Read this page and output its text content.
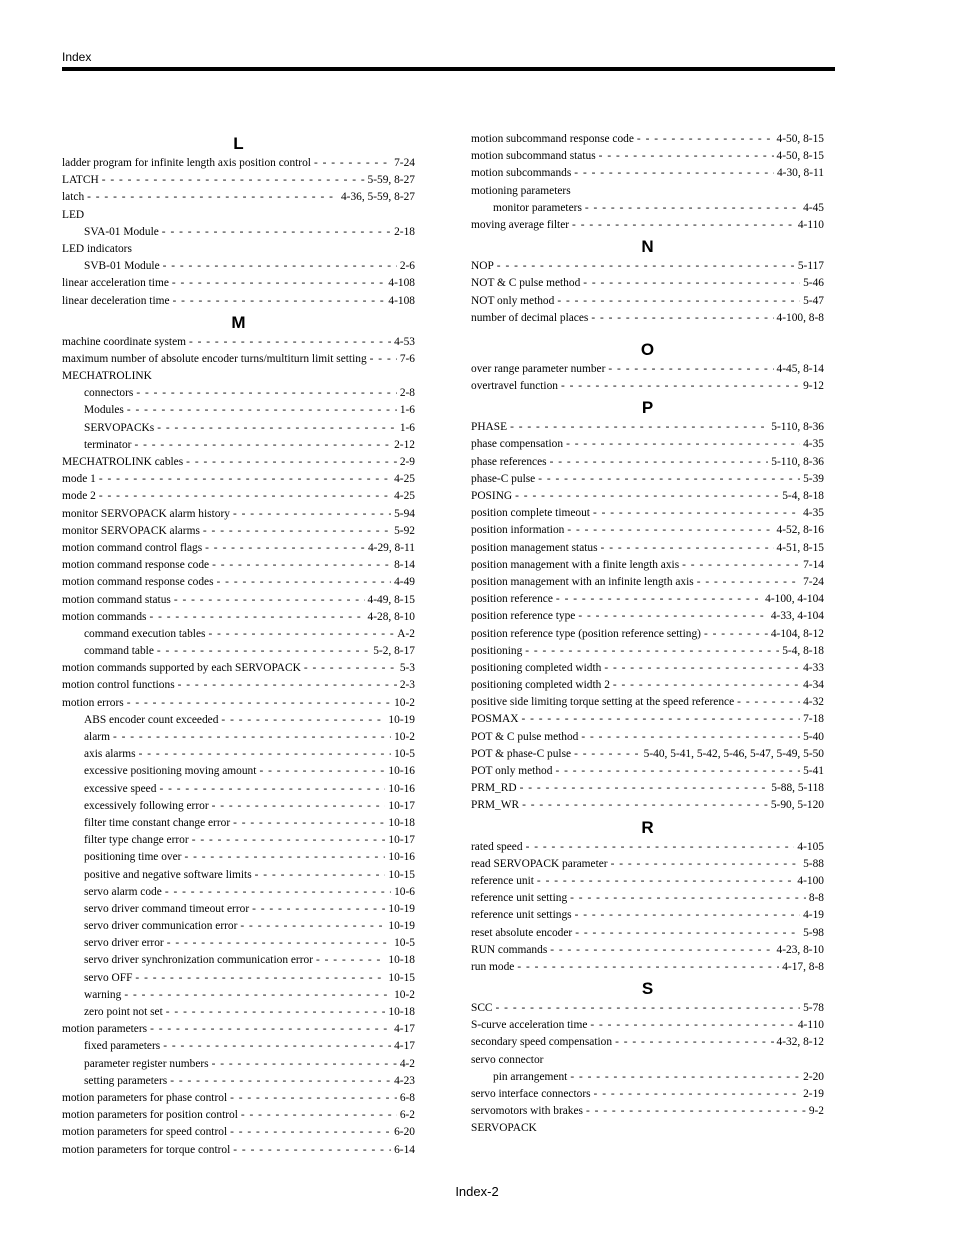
Index
L
ladder program for infinite length axis position control - - -	7-24
LATCH - - -	5-59, 8-27
latch - - -	4-36, 5-59, 8-27
LED
SVA-01 Module - - -	2-18
LED indicators
SVB-01 Module - - -	2-6
linear acceleration time - - -	4-108
linear deceleration time - - -	4-108
M
machine coordinate system - - -	4-53
maximum number of absolute encoder turns/multiturn limit setting - - -	7-6
MECHATROLINK
connectors - - -	2-8
Modules - - -	1-6
SERVOPACKs - - -	1-6
terminator - - -	2-12
MECHATROLINK cables - - -	2-9
mode 1 - - -	4-25
mode 2 - - -	4-25
monitor SERVOPACK alarm history - - -	5-94
monitor SERVOPACK alarms - - -	5-92
motion command control flags - - -	4-29, 8-11
motion command response code - - -	8-14
motion command response codes - - -	4-49
motion command status - - -	4-49, 8-15
motion commands - - -	4-28, 8-10
command execution tables - - -	A-2
command table - - -	5-2, 8-17
motion commands supported by each SERVOPACK - - -	5-3
motion control functions - - -	2-3
motion errors - - -	10-2
ABS encoder count exceeded - - -	10-19
alarm - - -	10-2
axis alarms - - -	10-5
excessive positioning moving amount - - -	10-16
excessive speed - - -	10-16
excessively following error - - -	10-17
filter time constant change error - - -	10-18
filter type change error - - -	10-17
positioning time over - - -	10-16
positive and negative software limits - - -	10-15
servo alarm code - - -	10-6
servo driver command timeout error - - -	10-19
servo driver communication error - - -	10-19
servo driver error - - -	10-5
servo driver synchronization communication error - - -	10-18
servo OFF - - -	10-15
warning - - -	10-2
zero point not set - - -	10-18
motion parameters - - -	4-17
fixed parameters - - -	4-17
parameter register numbers - - -	4-2
setting parameters - - -	4-23
motion parameters for phase control - - -	6-8
motion parameters for position control - - -	6-2
motion parameters for speed control - - -	6-20
motion parameters for torque control - - -	6-14
motion subcommand response code - - -	4-50, 8-15
motion subcommand status - - -	4-50, 8-15
motion subcommands - - -	4-30, 8-11
motioning parameters
monitor parameters - - -	4-45
moving average filter - - -	4-110
N
NOP - - -	5-117
NOT & C pulse method - - -	5-46
NOT only method - - -	5-47
number of decimal places - - -	4-100, 8-8
O
over range parameter number - - -	4-45, 8-14
overtravel function - - -	9-12
P
PHASE - - -	5-110, 8-36
phase compensation - - -	4-35
phase references - - -	5-110, 8-36
phase-C pulse - - -	5-39
POSING - - -	5-4, 8-18
position complete timeout - - -	4-35
position information - - -	4-52, 8-16
position management status - - -	4-51, 8-15
position management with a finite length axis - - -	7-14
position management with an infinite length axis - - -	7-24
position reference - - -	4-100, 4-104
position reference type - - -	4-33, 4-104
position reference type (position reference setting) - - -	4-104, 8-12
positioning - - -	5-4, 8-18
positioning completed width - - -	4-33
positioning completed width 2 - - -	4-34
positive side limiting torque setting at the speed reference - - -	4-32
POSMAX - - -	7-18
POT & C pulse method - - -	5-40
POT & phase-C pulse - - -	5-40, 5-41, 5-42, 5-46, 5-47, 5-49, 5-50
POT only method - - -	5-41
PRM_RD - - -	5-88, 5-118
PRM_WR - - -	5-90, 5-120
R
rated speed - - -	4-105
read SERVOPACK parameter - - -	5-88
reference unit - - -	4-100
reference unit setting - - -	8-8
reference unit settings - - -	4-19
reset absolute encoder - - -	5-98
RUN commands - - -	4-23, 8-10
run mode - - -	4-17, 8-8
S
SCC - - -	5-78
S-curve acceleration time - - -	4-110
secondary speed compensation - - -	4-32, 8-12
servo connector
pin arrangement - - -	2-20
servo interface connectors - - -	2-19
servomotors with brakes - - -	9-2
SERVOPACK
Index-2
